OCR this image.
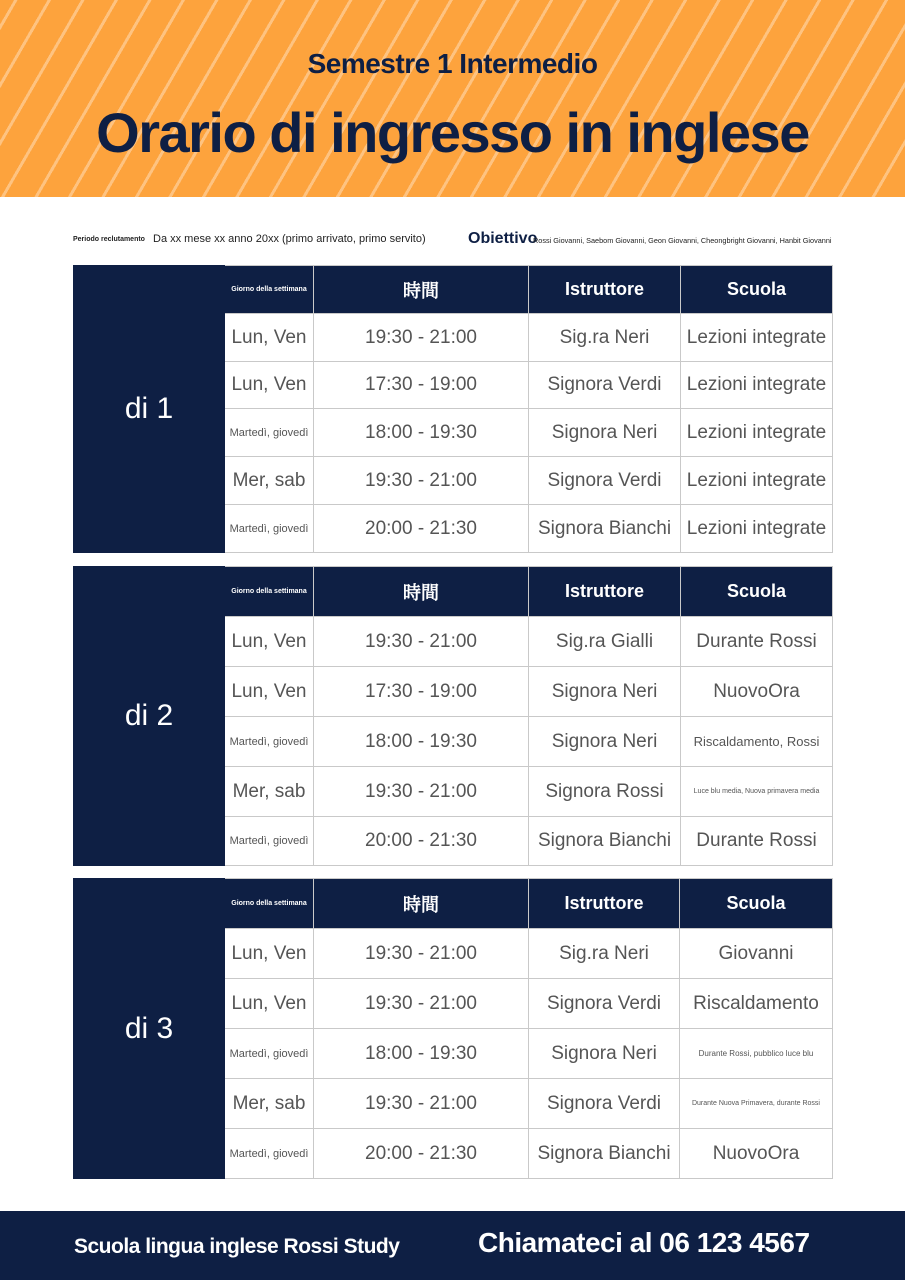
Semestre 1 Intermedio
Orario di ingresso in inglese
Periodo reclutamento Da xx mese xx anno 20xx (primo arrivato, primo servito)	Obiettivo
Rossi Giovanni, Saebom Giovanni, Geon Giovanni, Cheongbright Giovanni, Hanbit Giovanni
di 1	Giorno della settimana	時間	Istruttore	Scuola
	Lun, Ven	19:30 - 21:00	Sig.ra Neri	Lezioni integrate
	Lun, Ven	17:30 - 19:00	Signora Verdi	Lezioni integrate
	Martedì, giovedì	18:00 - 19:30	Signora Neri	Lezioni integrate
	Mer, sab	19:30 - 21:00	Signora Verdi	Lezioni integrate
	Martedì, giovedì	20:00 - 21:30	Signora Bianchi	Lezioni integrate
di 2	Giorno della settimana	時間	Istruttore	Scuola
	Lun, Ven	19:30 - 21:00	Sig.ra Gialli	Durante Rossi
	Lun, Ven	17:30 - 19:00	Signora Neri	NuovoOra
	Martedì, giovedì	18:00 - 19:30	Signora Neri	Riscaldamento, Rossi
	Mer, sab	19:30 - 21:00	Signora Rossi	Luce blu media, Nuova primavera media
	Martedì, giovedì	20:00 - 21:30	Signora Bianchi	Durante Rossi
di 3	Giorno della settimana	時間	Istruttore	Scuola
	Lun, Ven	19:30 - 21:00	Sig.ra Neri	Giovanni
	Lun, Ven	19:30 - 21:00	Signora Verdi	Riscaldamento
	Martedì, giovedì	18:00 - 19:30	Signora Neri	Durante Rossi, pubblico luce blu
	Mer, sab	19:30 - 21:00	Signora Verdi	Durante Nuova Primavera, durante Rossi
	Martedì, giovedì	20:00 - 21:30	Signora Bianchi	NuovoOra
Scuola lingua inglese Rossi Study	Chiamateci al 06 123 4567
